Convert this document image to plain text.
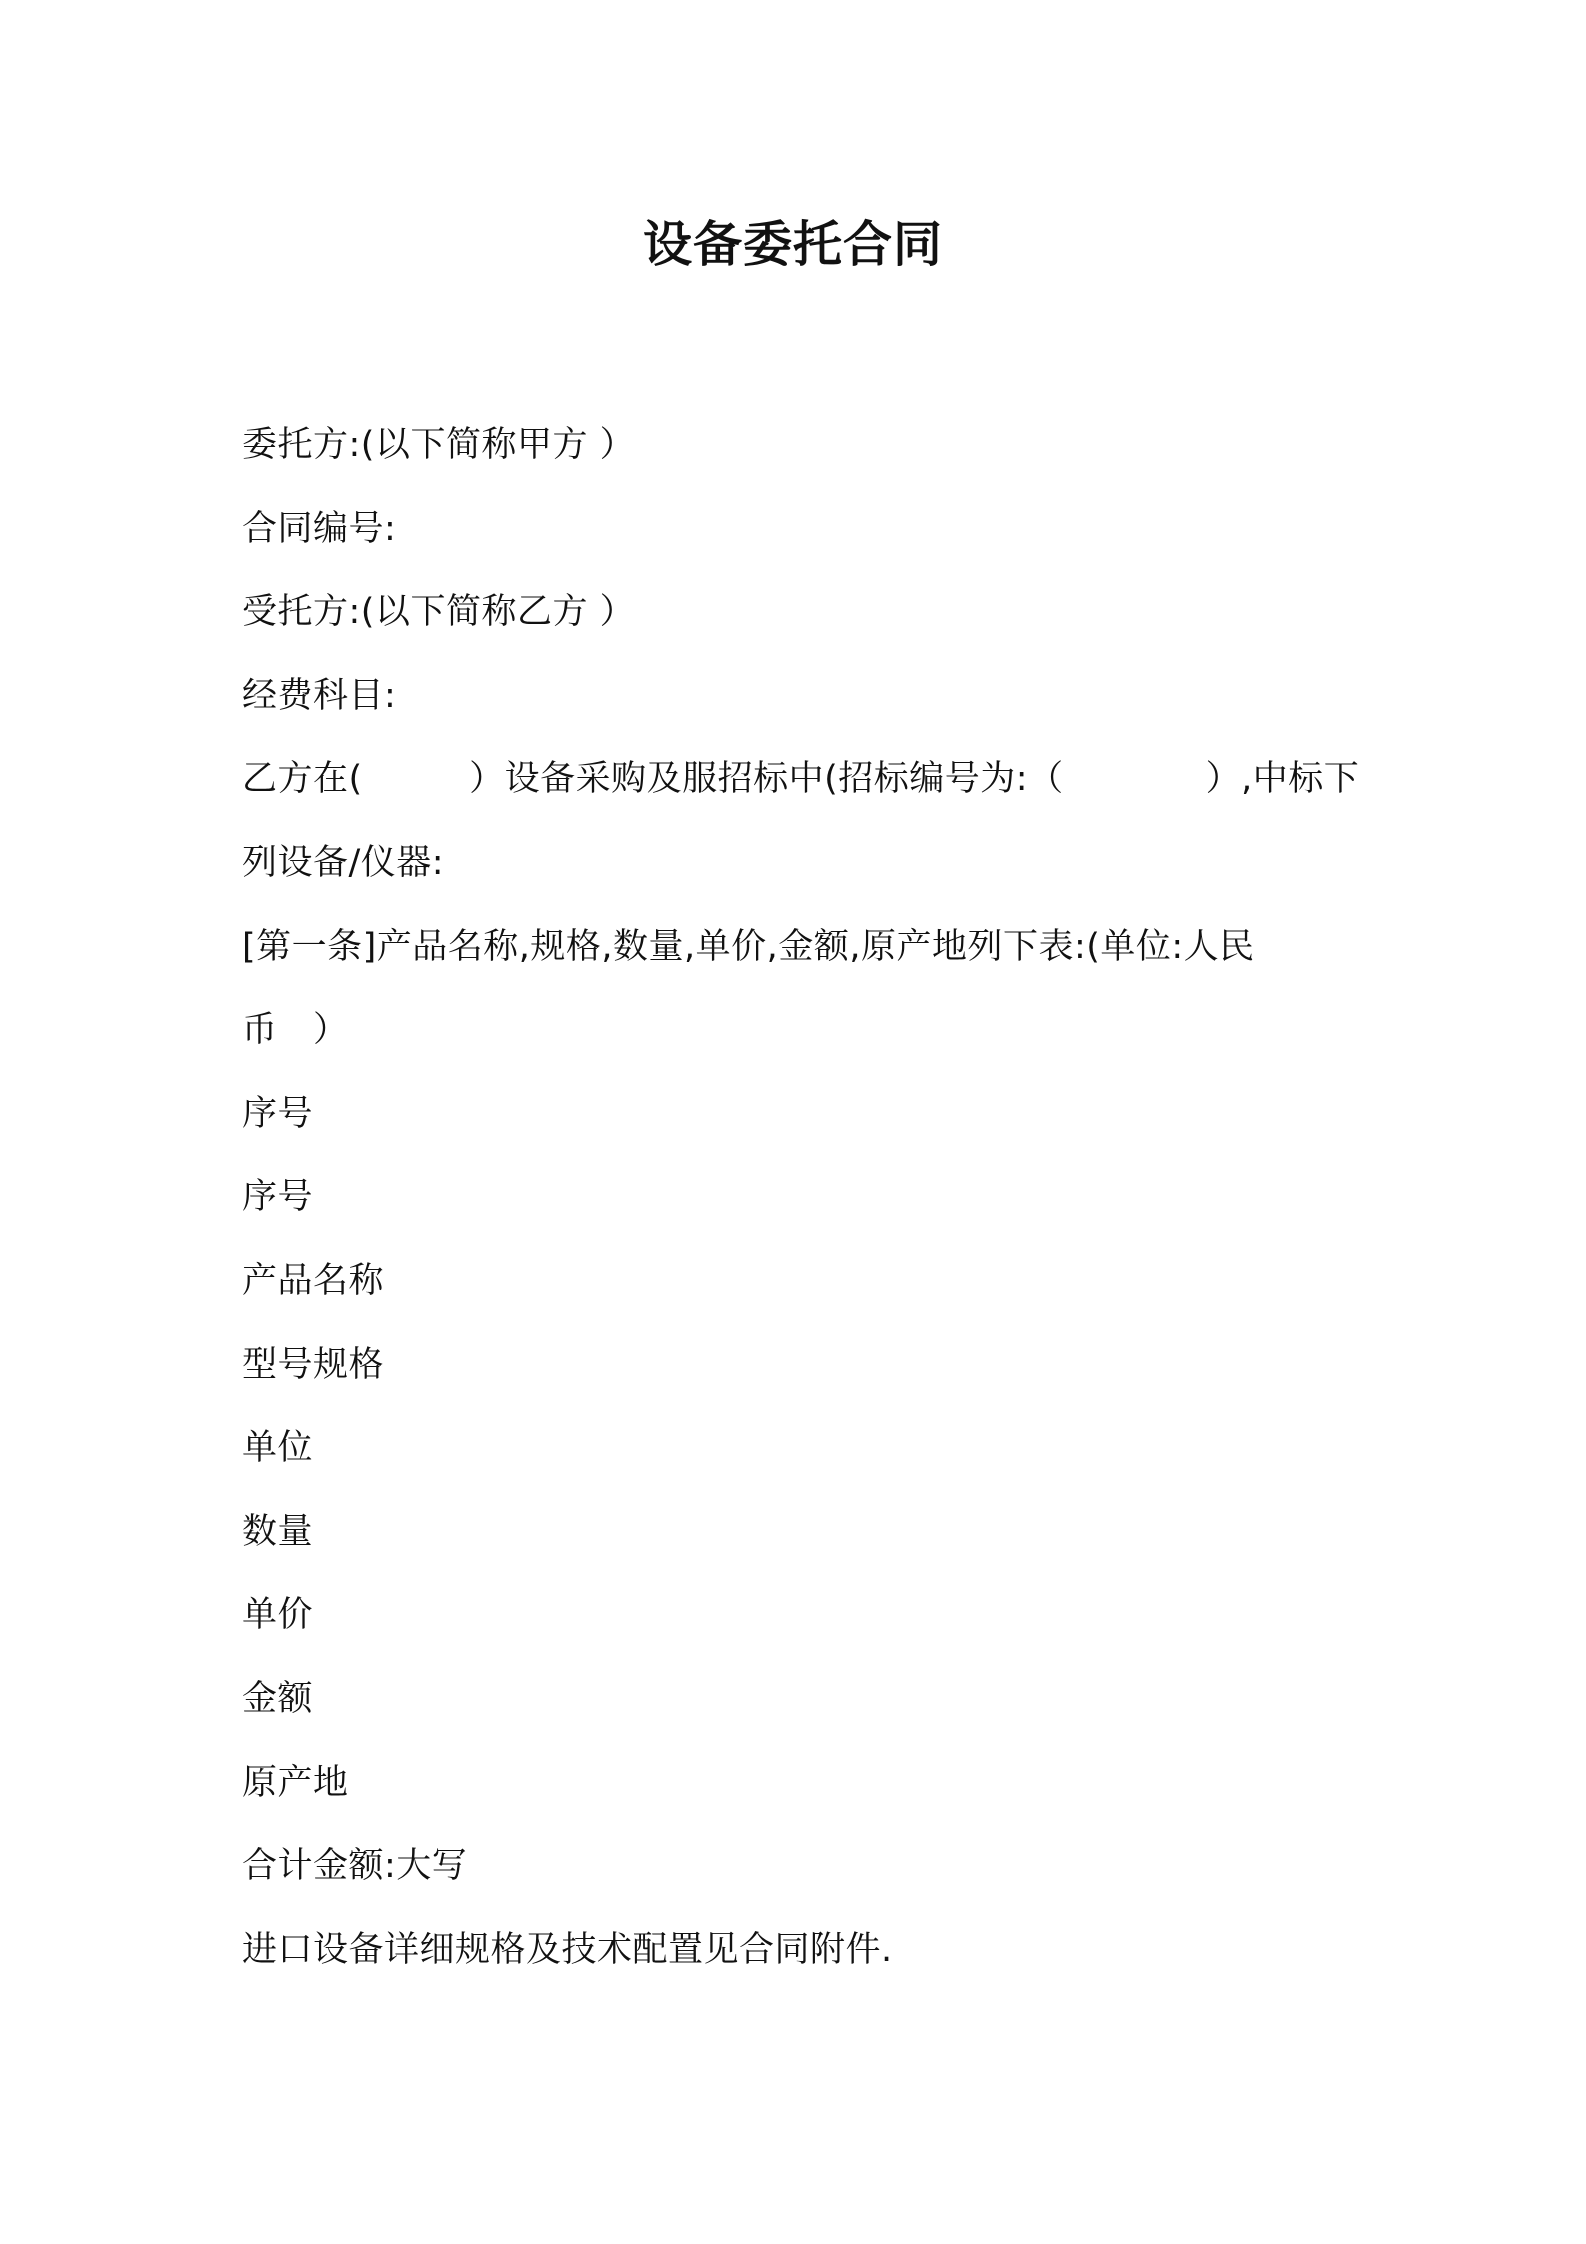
设备委托合同
委托方:(以下简称甲方 ）
合同编号:
受托方:(以下简称乙方 ）
经费科目:
乙方在(　　　）设备采购及服招标中(招标编号为:（　　　　）,中标下
列设备/仪器:
[第一条]产品名称,规格,数量,单价,金额,原产地列下表:(单位:人民
币　）
序号
序号
产品名称
型号规格
单位
数量
单价
金额
原产地
合计金额:大写
进口设备详细规格及技术配置见合同附件.
